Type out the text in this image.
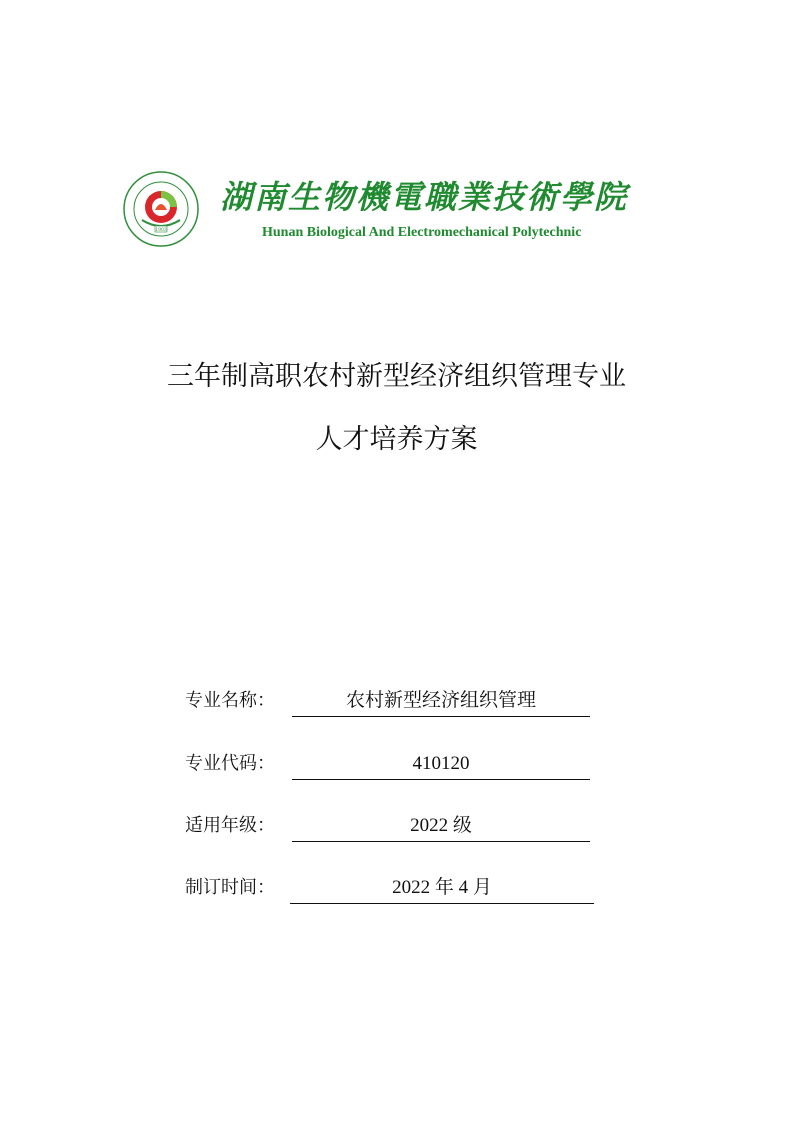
1903
湖南生物機電職業技術學院
Hunan Biological And Electromechanical Polytechnic
三年制高职农村新型经济组织管理专业
人才培养方案
专业名称：	农村新型经济组织管理
专业代码：	410120
适用年级：	2022 级
制订时间：	2022 年 4 月
